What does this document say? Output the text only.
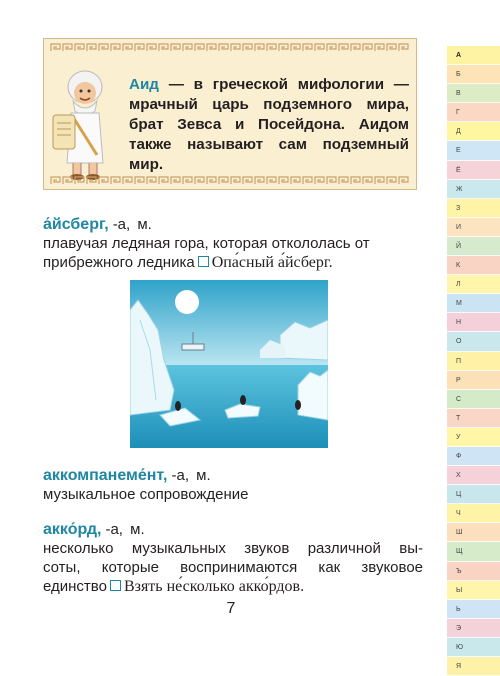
Аид — в греческой мифологии — мрачный царь подземного мира, брат Зевса и Посейдона. Аидом также называют сам подземный мир.
а́йсберг, -а, м.
плавучая ледяная гора, которая откололась от
прибрежного ледника Опа́сный а́йсберг.
аккомпанеме́нт, -а, м.
музыкальное сопровождение
акко́рд, -а, м.
несколько музыкальных звуков различной вы-
соты, которые воспринимаются как звуковое
единство Взять не́сколько акко́рдов.
7
А
Б
В
Г
Д
Е
Ё
Ж
З
И
Й
К
Л
М
Н
О
П
Р
С
Т
У
Ф
Х
Ц
Ч
Ш
Щ
Ъ
Ы
Ь
Э
Ю
Я
